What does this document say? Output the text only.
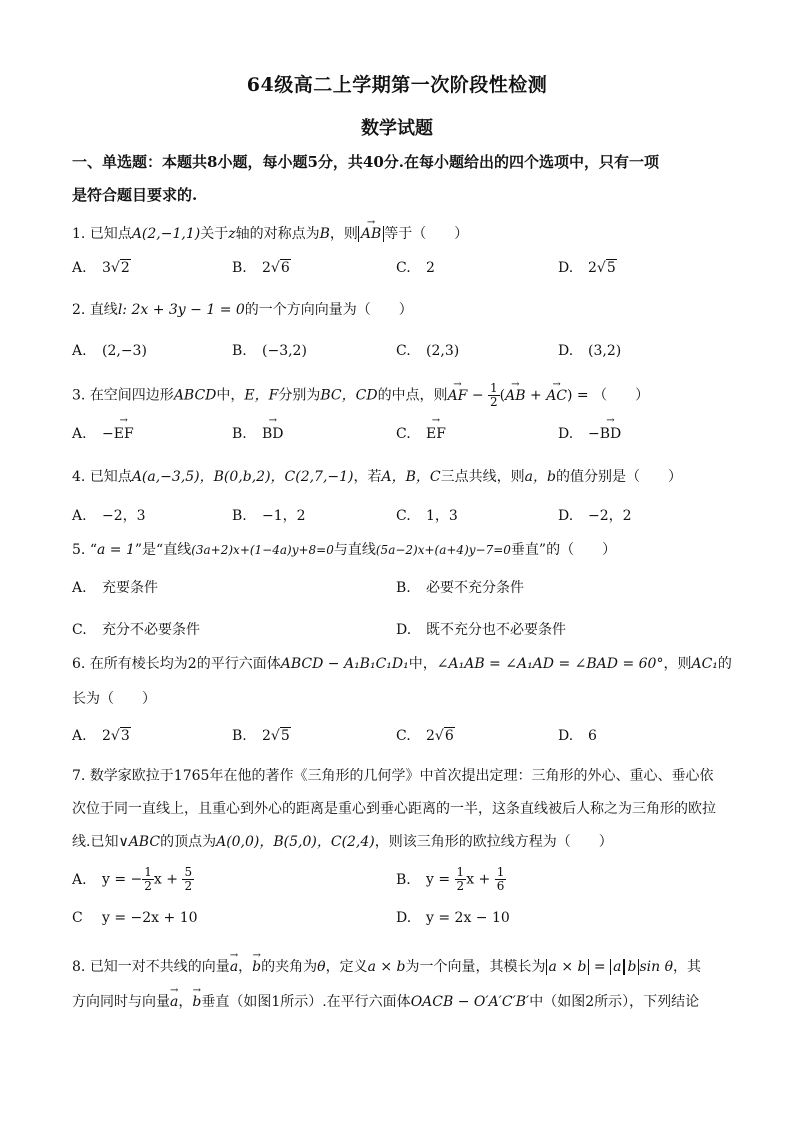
64级高二上学期第一次阶段性检测
数学试题
一、单选题：本题共8小题，每小题5分，共40分.在每小题给出的四个选项中，只有一项
是符合题目要求的.
1. 已知点A(2,−1,1)关于z轴的对称点为B，则 → AB 等于（　　）
A. 3√2	B. 2√6	C. 2	D. 2√5
2. 直线l: 2x + 3y − 1 = 0的一个方向向量为（　　）
A. (2,−3)	B. (−3,2)	C. (2,3)	D. (3,2)
3. 在空间四边形ABCD中，E，F分别为BC，CD的中点，则→ AF − $\frac{1}{2}$ (→ AB + → AC) = （　　）
A. −→ EF	B. → BD	C. → EF	D. −→ BD
4. 已知点A(a,−3,5)，B(0,b,2)，C(2,7,−1)，若A，B，C三点共线，则a，b的值分别是（　　）
A. −2，3	B. −1，2	C. 1，3	D. −2，2
5. “a = 1”是“直线(3a+2)x+(1−4a)y+8=0与直线(5a−2)x+(a+4)y−7=0垂直”的（　　）
A. 充要条件	B. 必要不充分条件
C. 充分不必要条件	D. 既不充分也不必要条件
6. 在所有棱长均为2的平行六面体ABCD − A₁B₁C₁D₁中，∠A₁AB = ∠A₁AD = ∠BAD = 60°，则AC₁的
长为（　　）
A. 2√3	B. 2√5	C. 2√6	D. 6
7. 数学家欧拉于1765年在他的著作《三角形的几何学》中首次提出定理：三角形的外心、重心、垂心依
次位于同一直线上，且重心到外心的距离是重心到垂心距离的一半，这条直线被后人称之为三角形的欧拉
线.已知∨ABC的顶点为A(0,0)，B(5,0)，C(2,4)，则该三角形的欧拉线方程为（　　）
A. y = − $\frac{1}{2}$ $x + \frac{5}{2}$	B. $y = \frac{1}{2}$ $x + \frac{1}{6}$
C y = −2x + 10	D. y = 2x − 10
8. 已知一对不共线的向量→ a，→ b的夹角为θ，定义a × b为一个向量，其模长为 a × b = a b sin θ，其
方向同时与向量→ a，→ b垂直（如图1所示）.在平行六面体OACB − O′A′C′B′中（如图2所示），下列结论
